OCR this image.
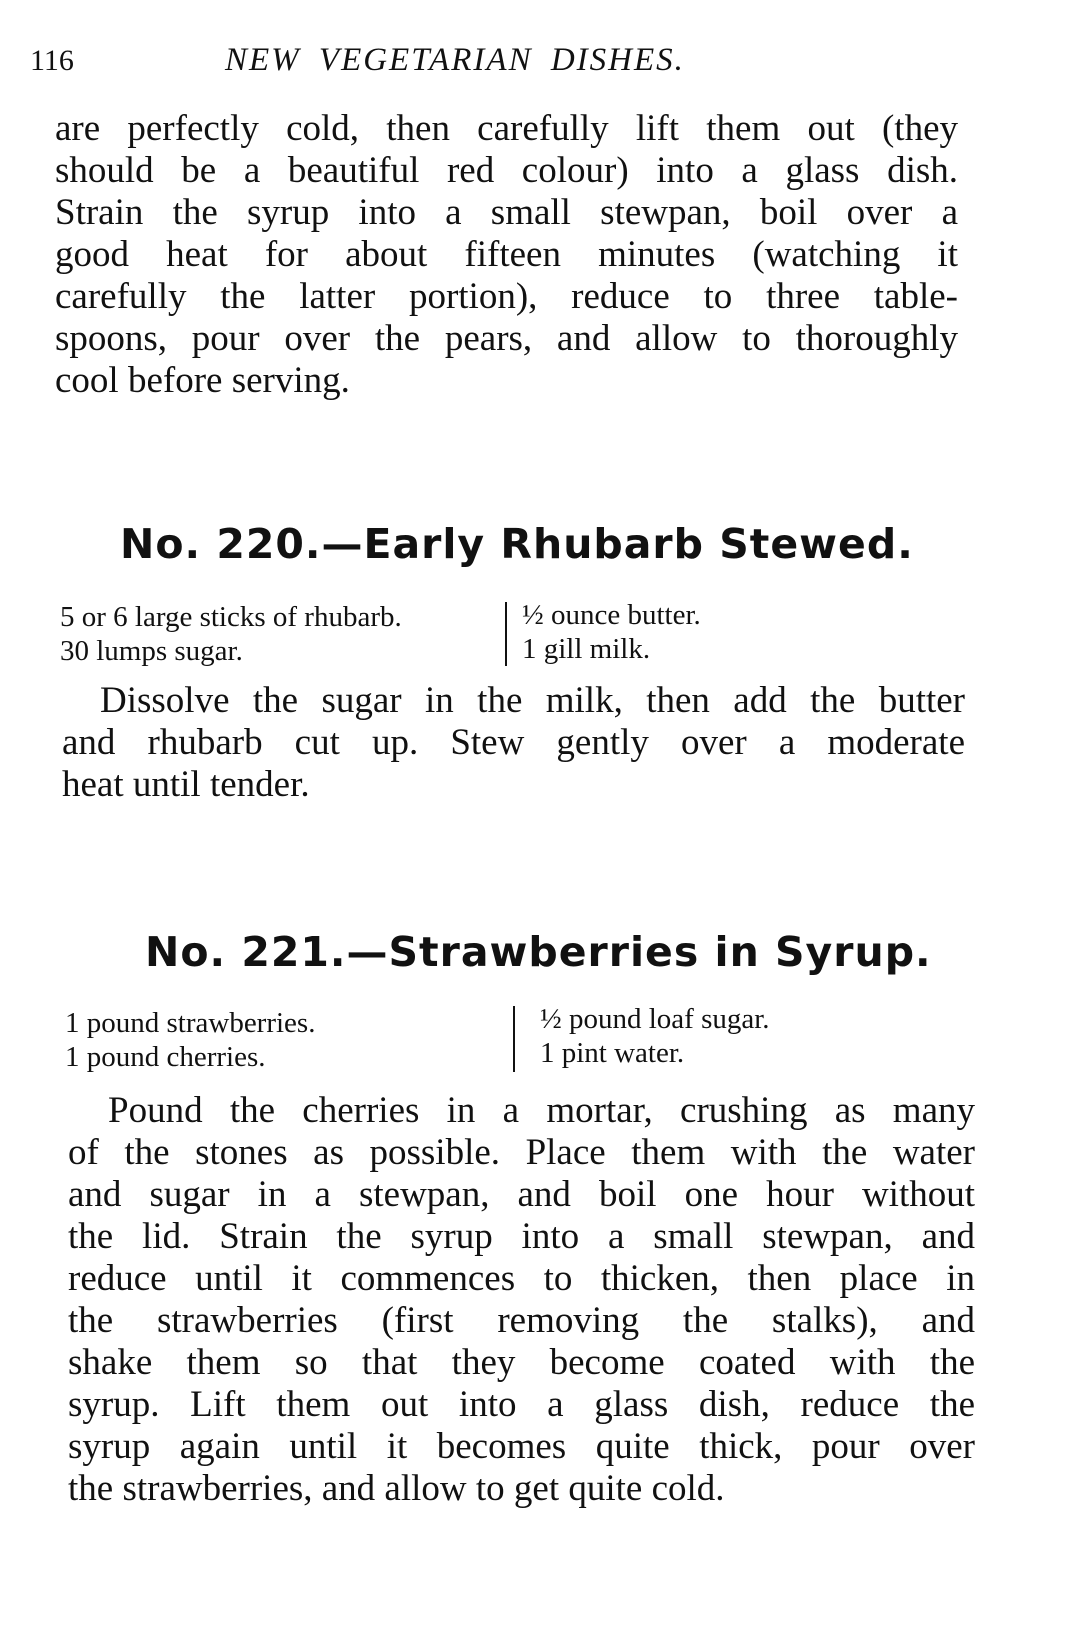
116	NEW VEGETARIAN DISHES.
are perfectly cold, then carefully lift them out (they
should be a beautiful red colour) into a glass dish.
Strain the syrup into a small stewpan, boil over a
good heat for about fifteen minutes (watching it
carefully the latter portion), reduce to three table-
spoons, pour over the pears, and allow to thoroughly
cool before serving.
No. 220.—Early Rhubarb Stewed.
5 or 6 large sticks of rhubarb.
30 lumps sugar.
½ ounce butter.
1 gill milk.
Dissolve the sugar in the milk, then add the butter
and rhubarb cut up. Stew gently over a moderate
heat until tender.
No. 221.—Strawberries in Syrup.
1 pound strawberries.
1 pound cherries.
½ pound loaf sugar.
1 pint water.
Pound the cherries in a mortar, crushing as many
of the stones as possible. Place them with the water
and sugar in a stewpan, and boil one hour without
the lid. Strain the syrup into a small stewpan, and
reduce until it commences to thicken, then place in
the strawberries (first removing the stalks), and
shake them so that they become coated with the
syrup. Lift them out into a glass dish, reduce the
syrup again until it becomes quite thick, pour over
the strawberries, and allow to get quite cold.
